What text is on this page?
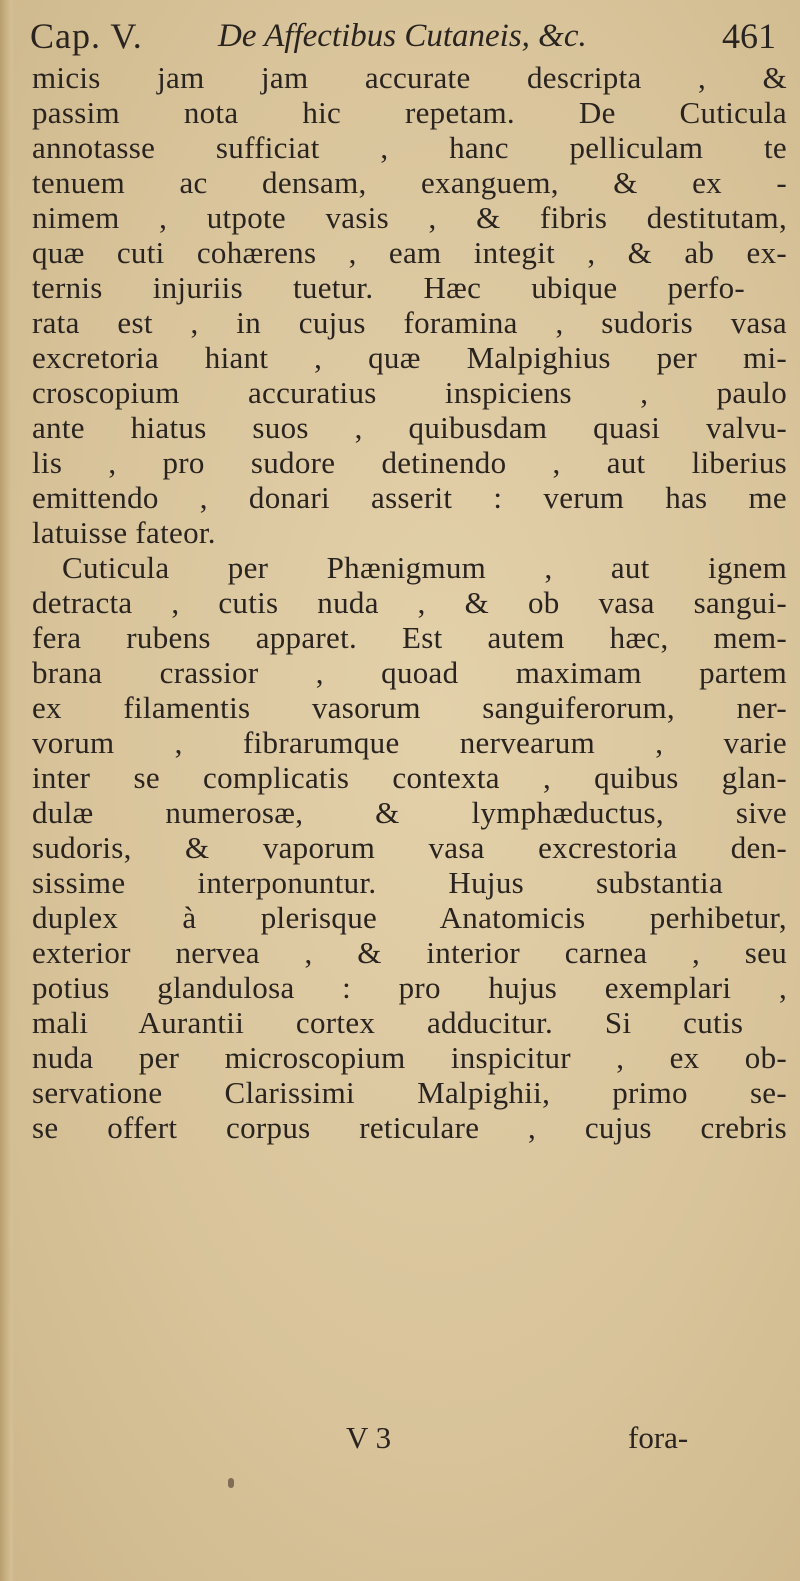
Cap. V. De Affectibus Cutaneis, &c.	461
micis jam jam accurate descripta , &
passim nota hic repetam. De Cuticula
annotasse sufficiat , hanc pelliculam te
tenuem ac densam, exanguem, & ex -
nimem , utpote vasis , & fibris destitutam,
quæ cuti cohærens , eam integit , & ab ex-
ternis injuriis tuetur. Hæc ubique perfo-
rata est , in cujus foramina , sudoris vasa
excretoria hiant , quæ Malpighius per mi-
croscopium accuratius inspiciens , paulo
ante hiatus suos , quibusdam quasi valvu-
lis , pro sudore detinendo , aut liberius
emittendo , donari asserit : verum has me
latuisse fateor.
Cuticula per Phænigmum , aut ignem
detracta , cutis nuda , & ob vasa sangui-
fera rubens apparet. Est autem hæc, mem-
brana crassior , quoad maximam partem
ex filamentis vasorum sanguiferorum, ner-
vorum , fibrarumque nervearum , varie
inter se complicatis contexta , quibus glan-
dulæ numerosæ, & lymphæductus, sive
sudoris, & vaporum vasa excrestoria den-
sissime interponuntur. Hujus substantia
duplex à plerisque Anatomicis perhibetur,
exterior nervea , & interior carnea , seu
potius glandulosa : pro hujus exemplari ,
mali Aurantii cortex adducitur. Si cutis
nuda per microscopium inspicitur , ex ob-
servatione Clarissimi Malpighii, primo se-
se offert corpus reticulare , cujus crebris
V 3	fora-
